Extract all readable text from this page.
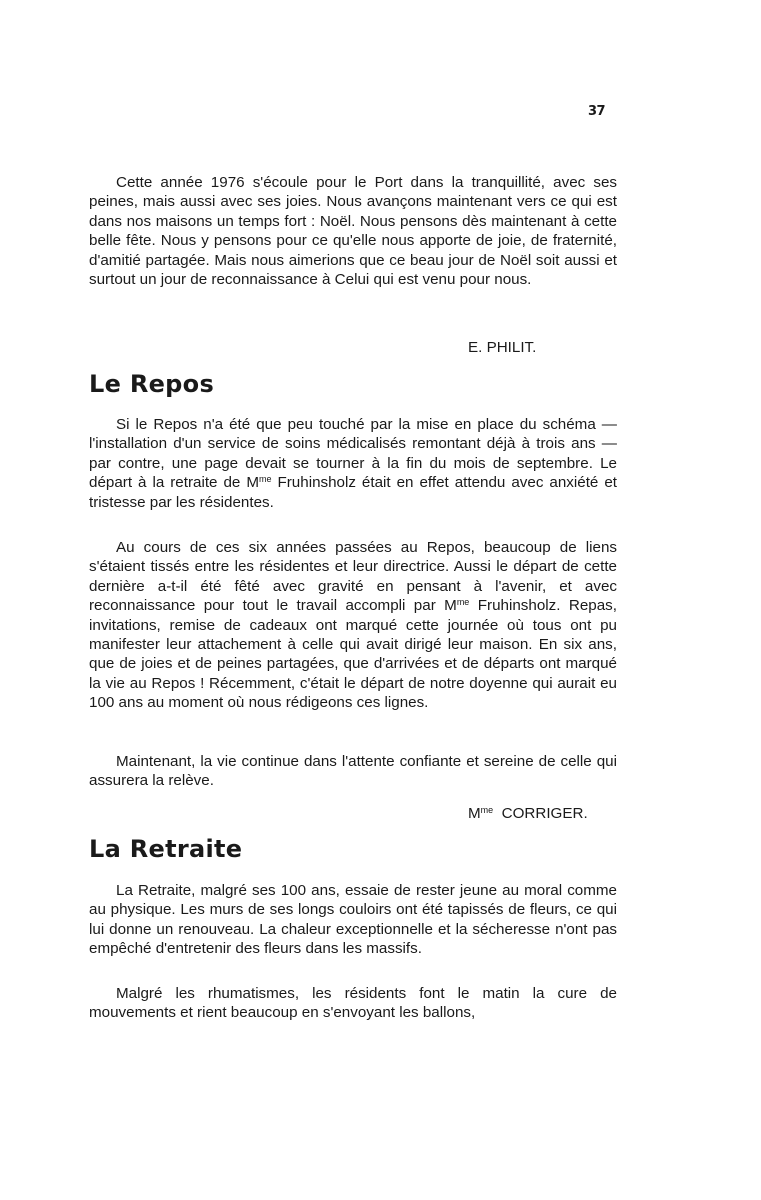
37

Cette année 1976 s'écoule pour le Port dans la tranquillité, avec ses peines, mais aussi avec ses joies. Nous avançons maintenant vers ce qui est dans nos maisons un temps fort : Noël. Nous pensons dès maintenant à cette belle fête. Nous y pensons pour ce qu'elle nous apporte de joie, de fraternité, d'amitié partagée. Mais nous aimerions que ce beau jour de Noël soit aussi et surtout un jour de reconnaissance à Celui qui est venu pour nous.

E. PHILIT.

Le Repos

Si le Repos n'a été que peu touché par la mise en place du schéma — l'installation d'un service de soins médicalisés remontant déjà à trois ans — par contre, une page devait se tourner à la fin du mois de septembre. Le départ à la retraite de $M^{me}$ Fruhinsholz était en effet attendu avec anxiété et tristesse par les résidentes.

Au cours de ces six années passées au Repos, beaucoup de liens s'étaient tissés entre les résidentes et leur directrice. Aussi le départ de cette dernière a-t-il été fêté avec gravité en pensant à l'avenir, et avec reconnaissance pour tout le travail accompli par $M^{me}$ Fruhinsholz. Repas, invitations, remise de cadeaux ont marqué cette journée où tous ont pu manifester leur attachement à celle qui avait dirigé leur maison. En six ans, que de joies et de peines partagées, que d'arrivées et de départs ont marqué la vie au Repos ! Récemment, c'était le départ de notre doyenne qui aurait eu 100 ans au moment où nous rédigeons ces lignes.

Maintenant, la vie continue dans l'attente confiante et sereine de celle qui assurera la relève.

$M^{me}$ CORRIGER.

La Retraite

La Retraite, malgré ses 100 ans, essaie de rester jeune au moral comme au physique. Les murs de ses longs couloirs ont été tapissés de fleurs, ce qui lui donne un renouveau. La chaleur exceptionnelle et la sécheresse n'ont pas empêché d'entretenir des fleurs dans les massifs.

Malgré les rhumatismes, les résidents font le matin la cure de mouvements et rient beaucoup en s'envoyant les ballons,
